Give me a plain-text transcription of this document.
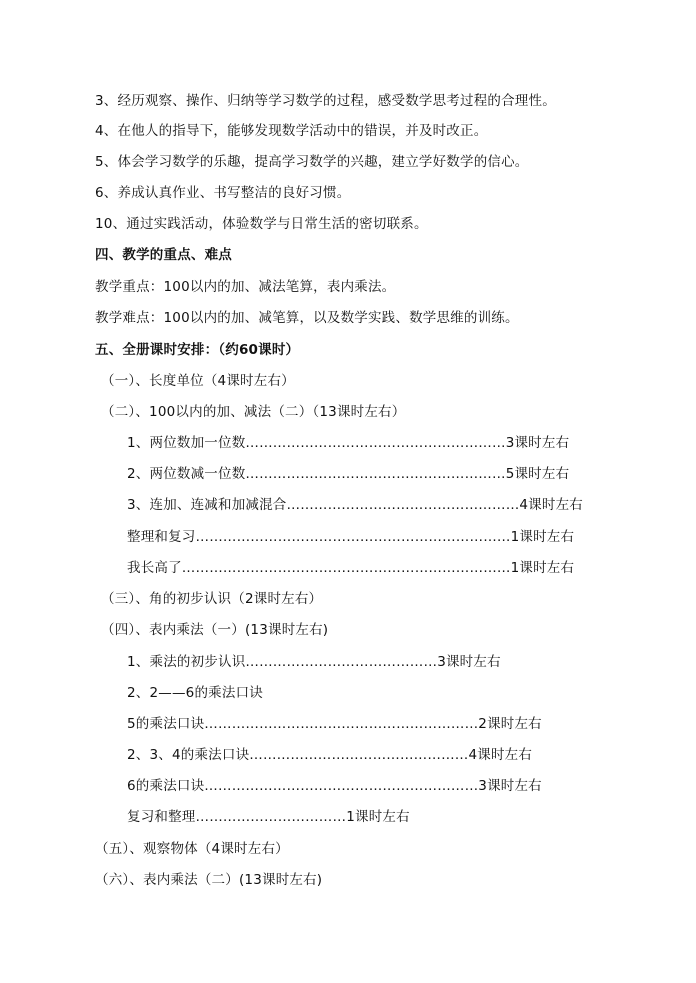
3、经历观察、操作、归纳等学习数学的过程，感受数学思考过程的合理性。
4、在他人的指导下，能够发现数学活动中的错误，并及时改正。
5、体会学习数学的乐趣，提高学习数学的兴趣，建立学好数学的信心。
6、养成认真作业、书写整洁的良好习惯。
10、通过实践活动，体验数学与日常生活的密切联系。
四、教学的重点、难点
教学重点：100以内的加、减法笔算，表内乘法。
教学难点：100以内的加、减笔算，以及数学实践、数学思维的训练。
五、全册课时安排：（约60课时）
（一）、长度单位（4课时左右）
（二）、100以内的加、减法（二）（13课时左右）
1、两位数加一位数…………………………………………………3课时左右
2、两位数减一位数…………………………………………………5课时左右
3、连加、连减和加减混合……………………………………………4课时左右
整理和复习……………………………………………………………1课时左右
我长高了………………………………………………………………1课时左右
（三）、角的初步认识（2课时左右）
（四）、表内乘法（一）(13课时左右)
1、乘法的初步认识……………………………………3课时左右
2、2——6的乘法口诀
5的乘法口诀……………………………………………………2课时左右
2、3、4的乘法口诀…………………………………………4课时左右
6的乘法口诀……………………………………………………3课时左右
复习和整理……………………………1课时左右
（五）、观察物体（4课时左右）
（六）、表内乘法（二）(13课时左右)
